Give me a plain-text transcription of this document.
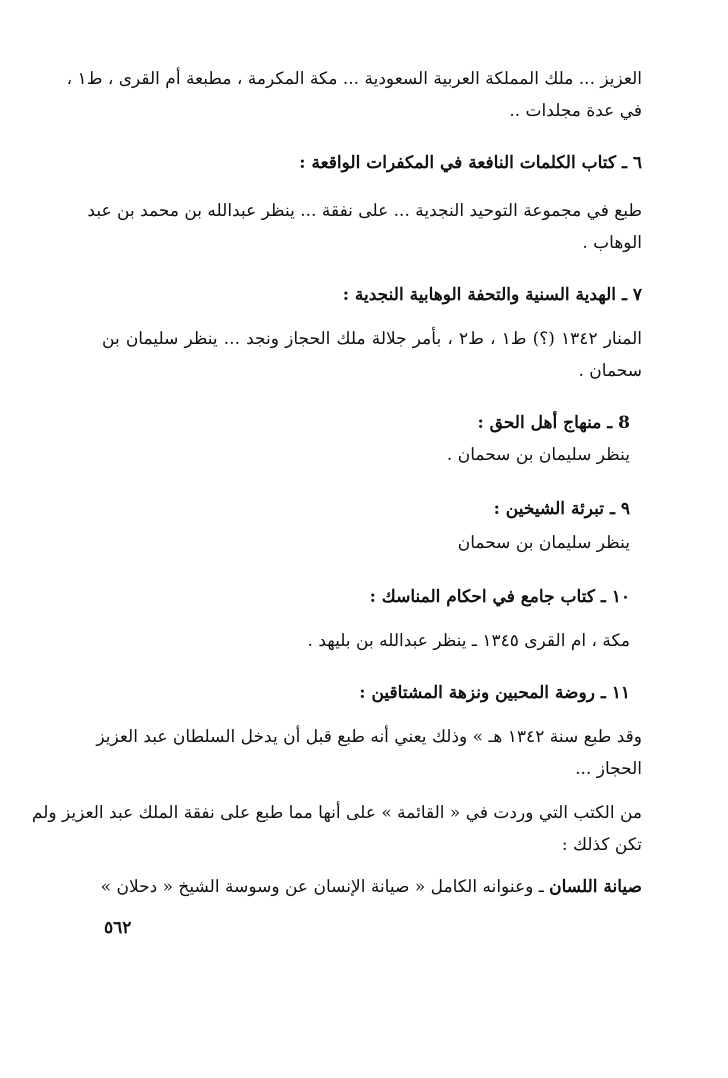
العزيز ... ملك المملكة العربية السعودية ... مكة المكرمة ، مطبعة أم القرى ، ط١ ،
في عدة مجلدات ..
٦ ـ كتاب الكلمات النافعة في المكفرات الواقعة :
طبع في مجموعة التوحيد النجدية ... على نفقة ... ينظر عبدالله بن محمد بن عبد
الوهاب .
٧ ـ الهدية السنية والتحفة الوهابية النجدية :
المنار ١٣٤٢ (؟) ط١ ، ط٢ ، بأمر جلالة ملك الحجاز ونجد ... ينظر سليمان بن
سحمان .
8 ـ منهاج أهل الحق :
ينظر سليمان بن سحمان .
٩ ـ تبرئة الشيخين :
ينظر سليمان بن سحمان
١٠ ـ كتاب جامع في احكام المناسك :
مكة ، ام القرى ١٣٤٥ ـ ينظر عبدالله بن بليهد .
١١ ـ روضة المحبين ونزهة المشتاقين :
وقد طبع سنة ١٣٤٢ هـ » وذلك يعني أنه طبع قبل أن يدخل السلطان عبد العزيز
الحجاز ...
من الكتب التي وردت في « القائمة » على أنها مما طبع على نفقة الملك عبد العزيز ولم
تكن كذلك :
صيانة اللسان ـ وعنوانه الكامل « صيانة الإنسان عن وسوسة الشيخ « دحلان »
٥٦٢
